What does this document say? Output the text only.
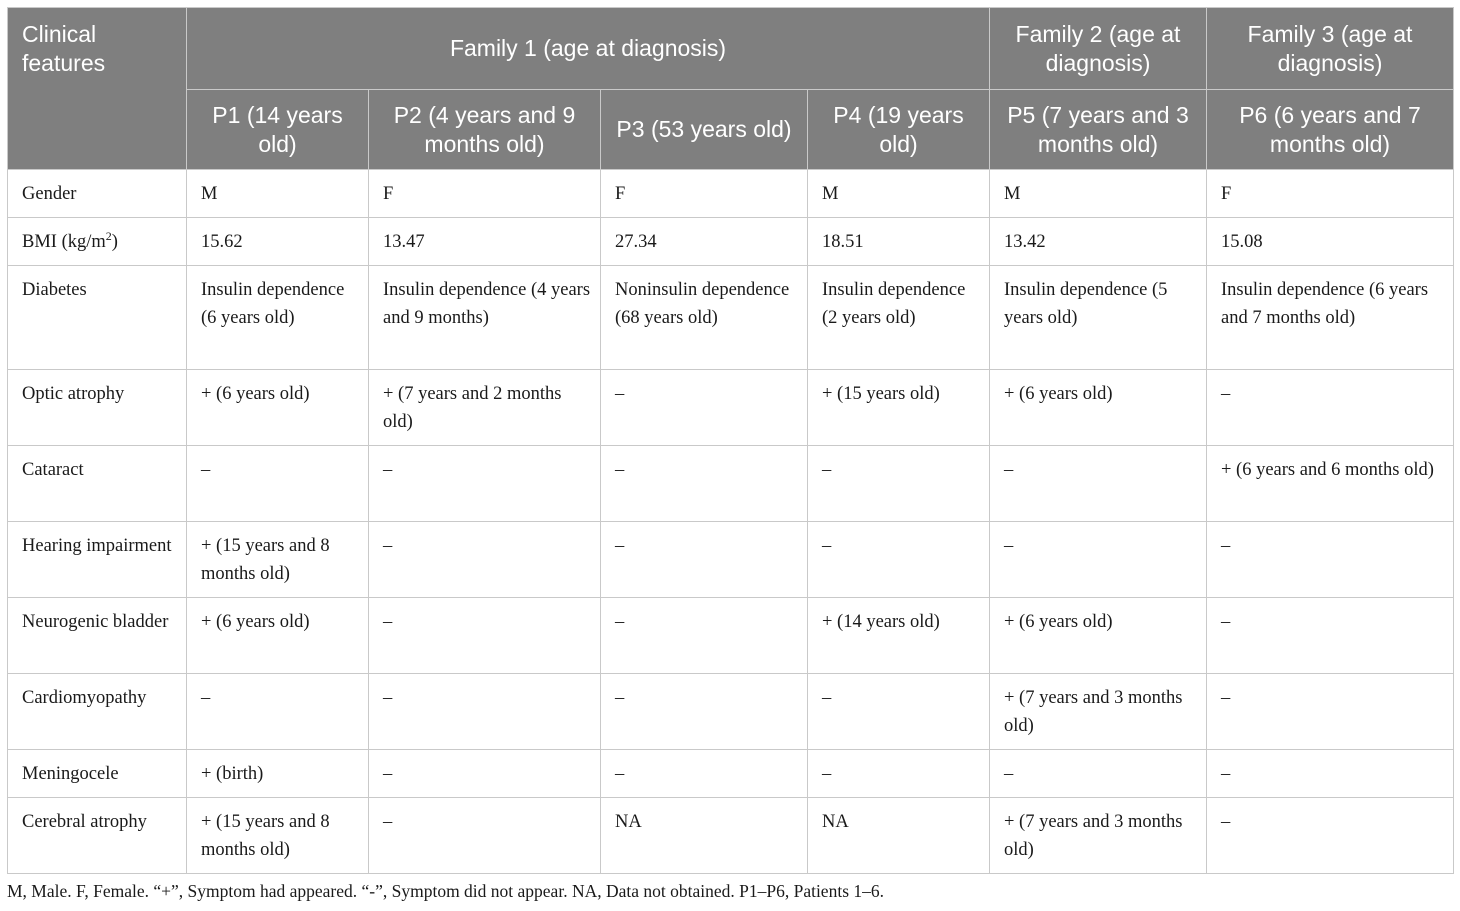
Clinical features	Family 1 (age at diagnosis)				Family 2 (age at diagnosis)	Family 3 (age at diagnosis)
	P1 (14 years old)	P2 (4 years and 9 months old)	P3 (53 years old)	P4 (19 years old)	P5 (7 years and 3 months old)	P6 (6 years and 7 months old)
Gender	M	F	F	M	M	F
BMI $(kg/m^2)$	15.62	13.47	27.34	18.51	13.42	15.08
Diabetes	Insulin dependence (6 years old)	Insulin dependence (4 years and 9 months)	Noninsulin dependence (68 years old)	Insulin dependence (2 years old)	Insulin dependence (5 years old)	Insulin dependence (6 years and 7 months old)
Optic atrophy	+ (6 years old)	+ (7 years and 2 months old)	–	+ (15 years old)	+ (6 years old)	–
Cataract	–	–	–	–	–	+ (6 years and 6 months old)
Hearing impairment	+ (15 years and 8 months old)	–	–	–	–	–
Neurogenic bladder	+ (6 years old)	–	–	+ (14 years old)	+ (6 years old)	–
Cardiomyopathy	–	–	–	–	+ (7 years and 3 months old)	–
Meningocele	+ (birth)	–	–	–	–	–
Cerebral atrophy	+ (15 years and 8 months old)	–	NA	NA	+ (7 years and 3 months old)	–
M, Male. F, Female. “+”, Symptom had appeared. “-”, Symptom did not appear. NA, Data not obtained. P1–P6, Patients 1–6.
